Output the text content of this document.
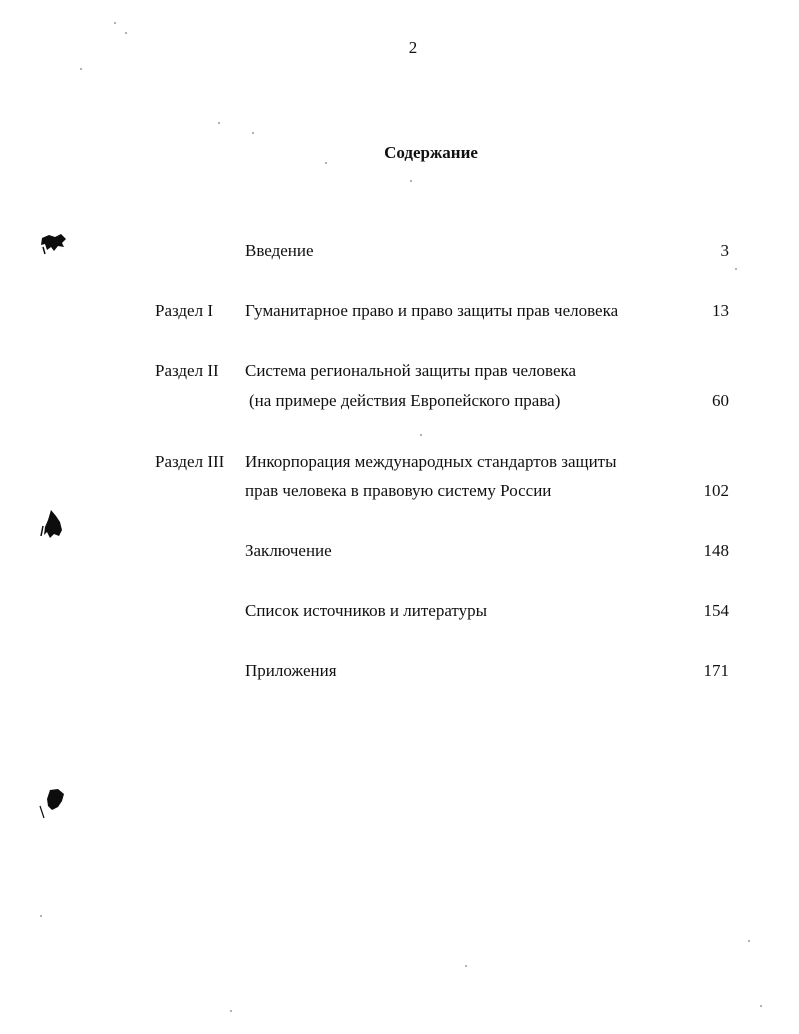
2
Содержание
Введение	3
Раздел I Гуманитарное право и право защиты прав человека	13
Раздел II Система региональной защиты прав человека
(на примере действия Европейского права)	60
Раздел III Инкорпорация международных стандартов защиты
прав человека в правовую систему России	102
Заключение	148
Список источников и литературы	154
Приложения	171
